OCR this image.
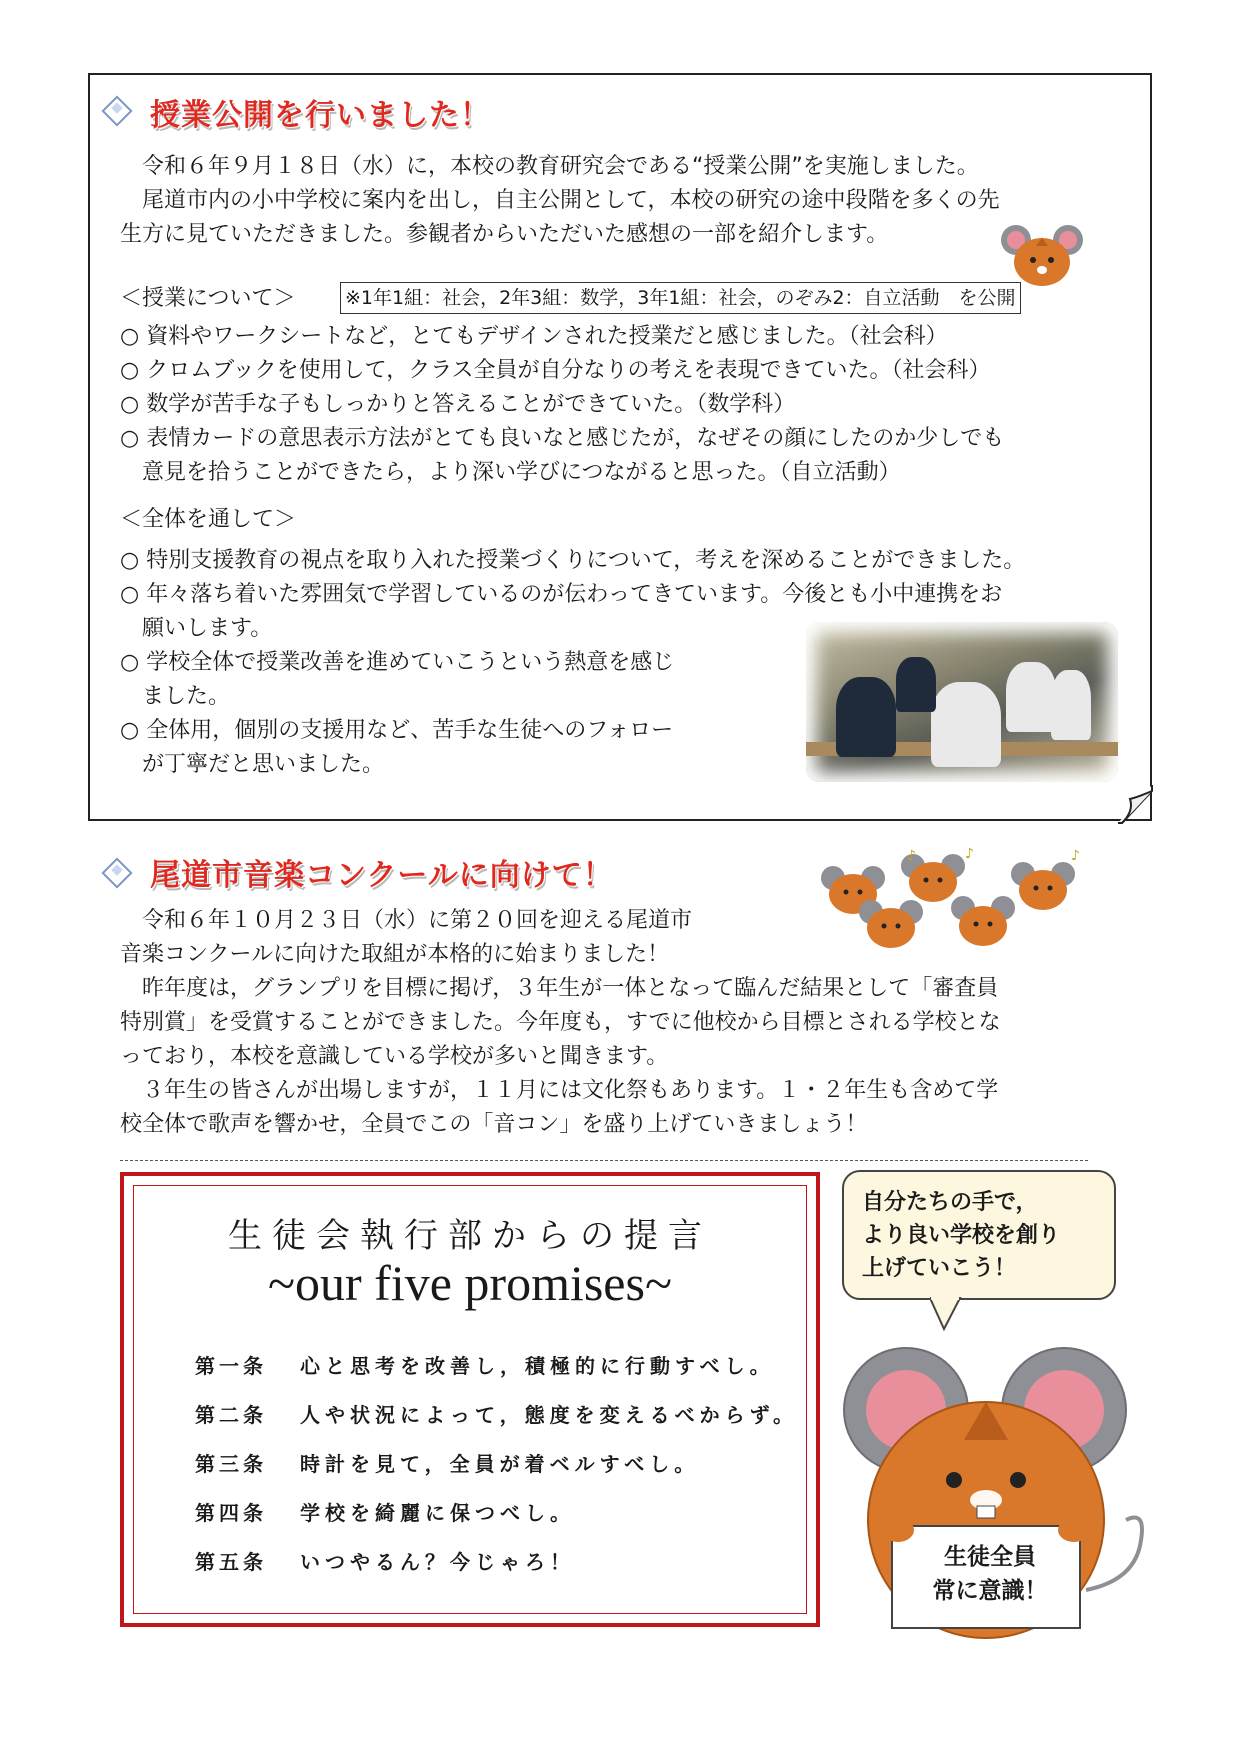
授業公開を行いました！
　令和６年９月１８日（水）に，本校の教育研究会である“授業公開”を実施しました。
　尾道市内の小中学校に案内を出し，自主公開として，本校の研究の途中段階を多くの先
生方に見ていただきました。参観者からいただいた感想の一部を紹介します。
＜授業について＞	※1年1組：社会，2年3組：数学，3年1組：社会，のぞみ2：自立活動　を公開
○ 資料やワークシートなど，とてもデザインされた授業だと感じました。（社会科）
○ クロムブックを使用して，クラス全員が自分なりの考えを表現できていた。（社会科）
○ 数学が苦手な子もしっかりと答えることができていた。（数学科）
○ 表情カードの意思表示方法がとても良いなと感じたが，なぜその顔にしたのか少しでも
　意見を拾うことができたら，より深い学びにつながると思った。（自立活動）
＜全体を通して＞
○ 特別支援教育の視点を取り入れた授業づくりについて，考えを深めることができました。
○ 年々落ち着いた雰囲気で学習しているのが伝わってきています。今後とも小中連携をお
　願いします。
○ 学校全体で授業改善を進めていこうという熱意を感じ
　ました。
○ 全体用，個別の支援用など、苦手な生徒へのフォロー
　が丁寧だと思いました。
尾道市音楽コンクールに向けて！
♪	♪	♪
　令和６年１０月２３日（水）に第２０回を迎える尾道市
音楽コンクールに向けた取組が本格的に始まりました！
　昨年度は，グランプリを目標に掲げ，３年生が一体となって臨んだ結果として「審査員
特別賞」を受賞することができました。今年度も，すでに他校から目標とされる学校とな
っており，本校を意識している学校が多いと聞きます。
　３年生の皆さんが出場しますが，１１月には文化祭もあります。１・２年生も含めて学
校全体で歌声を響かせ，全員でこの「音コン」を盛り上げていきましょう！
生徒会執行部からの提言
~our five promises~
第一条 心と思考を改善し，積極的に行動すべし。
第二条 人や状況によって，態度を変えるべからず。
第三条 時計を見て，全員が着ベルすべし。
第四条 学校を綺麗に保つべし。
第五条 いつやるん？今じゃろ！
自分たちの手で，
より良い学校を創り
上げていこう！
生徒全員
常に意識！
